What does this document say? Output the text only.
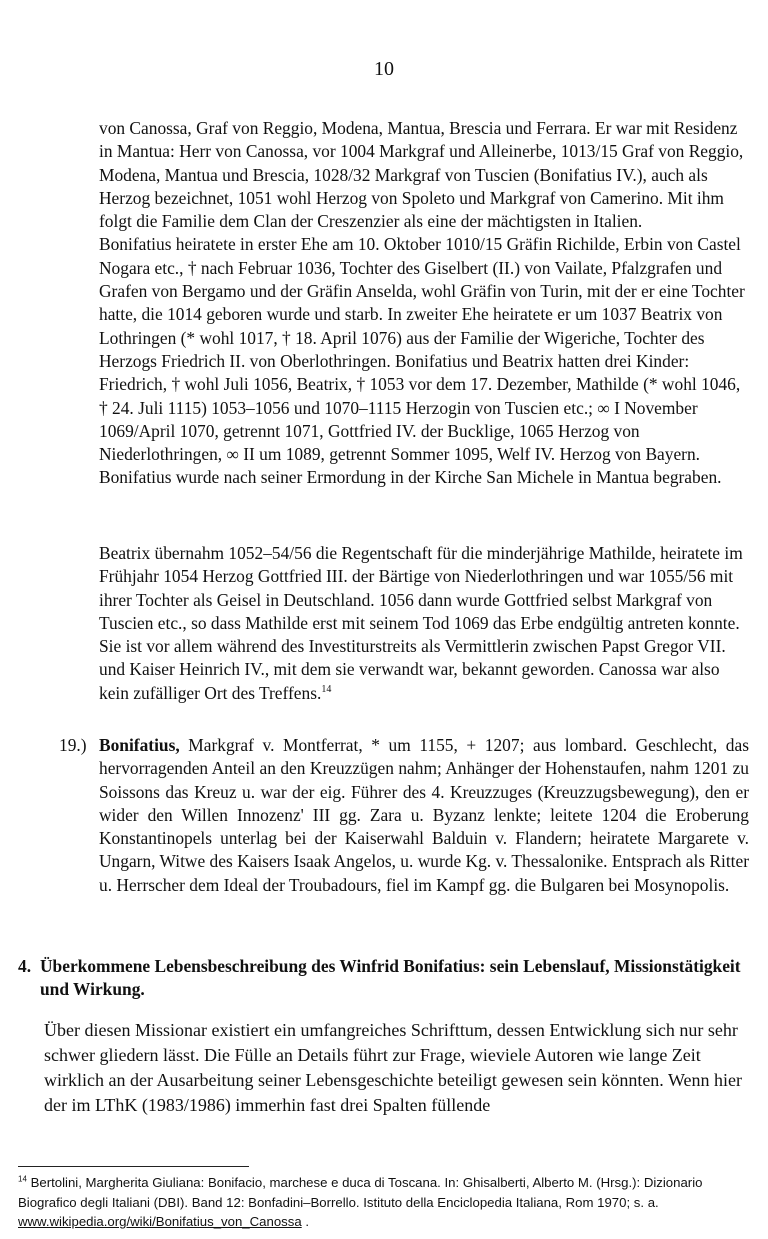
10

von Canossa, Graf von Reggio, Modena, Mantua, Brescia und Ferrara. Er war mit Residenz in Mantua: Herr von Canossa, vor 1004 Markgraf und Alleinerbe, 1013/15 Graf von Reggio, Modena, Mantua und Brescia, 1028/32 Markgraf von Tuscien (Bonifatius IV.), auch als Herzog bezeichnet, 1051 wohl Herzog von Spoleto und Markgraf von Camerino. Mit ihm folgt die Familie dem Clan der Creszenzier als eine der mächtigsten in Italien.

Bonifatius heiratete in erster Ehe am 10. Oktober 1010/15 Gräfin Richilde, Erbin von Castel Nogara etc., † nach Februar 1036, Tochter des Giselbert (II.) von Vailate, Pfalzgrafen und Grafen von Bergamo und der Gräfin Anselda, wohl Gräfin von Turin, mit der er eine Tochter hatte, die 1014 geboren wurde und starb. In zweiter Ehe heiratete er um 1037 Beatrix von Lothringen (* wohl 1017, † 18. April 1076) aus der Familie der Wigeriche, Tochter des Herzogs Friedrich II. von Oberlothringen. Bonifatius und Beatrix hatten drei Kinder: Friedrich, † wohl Juli 1056, Beatrix, † 1053 vor dem 17. Dezember, Mathilde (* wohl 1046, † 24. Juli 1115) 1053–1056 und 1070–1115 Herzogin von Tuscien etc.; ∞ I November 1069/April 1070, getrennt 1071, Gottfried IV. der Bucklige, 1065 Herzog von Niederlothringen, ∞ II um 1089, getrennt Sommer 1095, Welf IV. Herzog von Bayern. Bonifatius wurde nach seiner Ermordung in der Kirche San Michele in Mantua begraben.

Beatrix übernahm 1052–54/56 die Regentschaft für die minderjährige Mathilde, heiratete im Frühjahr 1054 Herzog Gottfried III. der Bärtige von Niederlothringen und war 1055/56 mit ihrer Tochter als Geisel in Deutschland. 1056 dann wurde Gottfried selbst Markgraf von Tuscien etc., so dass Mathilde erst mit seinem Tod 1069 das Erbe endgültig antreten konnte. Sie ist vor allem während des Investiturstreits als Vermittlerin zwischen Papst Gregor VII. und Kaiser Heinrich IV., mit dem sie verwandt war, bekannt geworden. Canossa war also kein zufälliger Ort des Treffens.$^{14}$

19.) Bonifatius, Markgraf v. Montferrat, * um 1155, + 1207; aus lombard. Geschlecht, das hervorragenden Anteil an den Kreuzzügen nahm; Anhänger der Hohenstaufen, nahm 1201 zu Soissons das Kreuz u. war der eig. Führer des 4. Kreuzzuges (Kreuzzugsbewegung), den er wider den Willen Innozenz' III gg. Zara u. Byzanz lenkte; leitete 1204 die Eroberung Konstantinopels unterlag bei der Kaiserwahl Balduin v. Flandern; heiratete Margarete v. Ungarn, Witwe des Kaisers Isaak Angelos, u. wurde Kg. v. Thessalonike. Entsprach als Ritter u. Herrscher dem Ideal der Troubadours, fiel im Kampf gg. die Bulgaren bei Mosynopolis.

4. Überkommene Lebensbeschreibung des Winfrid Bonifatius: sein Lebenslauf, Missionstätigkeit und Wirkung.

Über diesen Missionar existiert ein umfangreiches Schrifttum, dessen Entwicklung sich nur sehr schwer gliedern lässt. Die Fülle an Details führt zur Frage, wieviele Autoren wie lange Zeit wirklich an der Ausarbeitung seiner Lebensgeschichte beteiligt gewesen sein könnten. Wenn hier der im LThK (1983/1986) immerhin fast drei Spalten füllende

$^{14}$ Bertolini, Margherita Giuliana: Bonifacio, marchese e duca di Toscana. In: Ghisalberti, Alberto M. (Hrsg.): Dizionario Biografico degli Italiani (DBI). Band 12: Bonfadini–Borrello. Istituto della Enciclopedia Italiana, Rom 1970; s. a. www.wikipedia.org/wiki/Bonifatius_von_Canossa .
